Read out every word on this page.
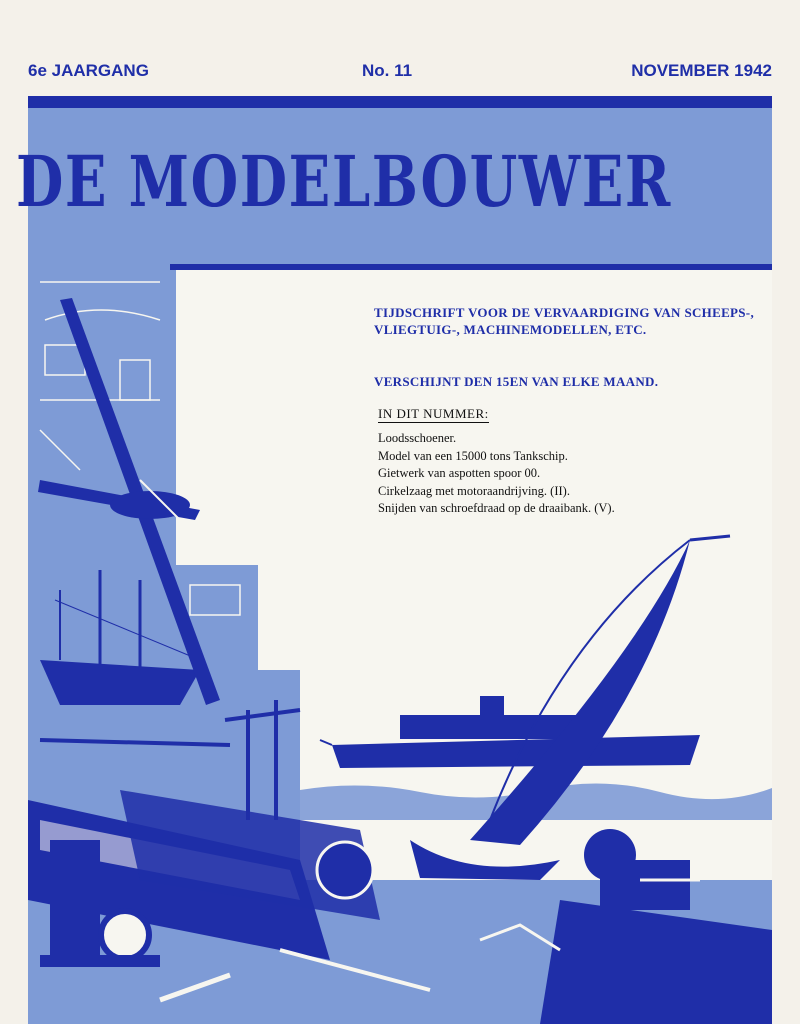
6e JAARGANG	No. 11	NOVEMBER 1942
DE MODELBOUWER
TIJDSCHRIFT VOOR DE VERVAARDIGING VAN SCHEEPS-, VLIEGTUIG-, MACHINEMODELLEN, ETC.
VERSCHIJNT DEN 15EN VAN ELKE MAAND.
IN DIT NUMMER:
Loodsschoener.
Model van een 15000 tons Tankschip.
Gietwerk van aspotten spoor 00.
Cirkelzaag met motoraandrijving. (II).
Snijden van schroefdraad op de draaibank. (V).
